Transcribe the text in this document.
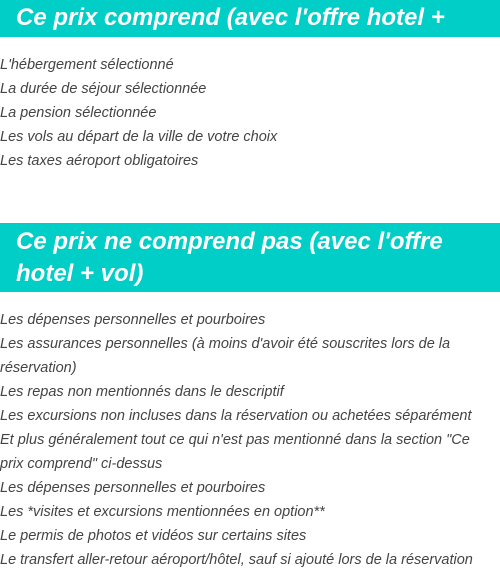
Ce prix comprend (avec l'offre hotel + vol)
L'hébergement sélectionné
La durée de séjour sélectionnée
La pension sélectionnée
Les vols au départ de la ville de votre choix
Les taxes aéroport obligatoires
Ce prix ne comprend pas (avec l'offre hotel + vol)
Les dépenses personnelles et pourboires
Les assurances personnelles (à moins d'avoir été souscrites lors de la réservation)
Les repas non mentionnés dans le descriptif
Les excursions non incluses dans la réservation ou achetées séparément
Et plus généralement tout ce qui n'est pas mentionné dans la section "Ce prix comprend" ci-dessus
Les dépenses personnelles et pourboires
Les *visites et excursions mentionnées en option**
Le permis de photos et vidéos sur certains sites
Le transfert aller-retour aéroport/hôtel, sauf si ajouté lors de la réservation
